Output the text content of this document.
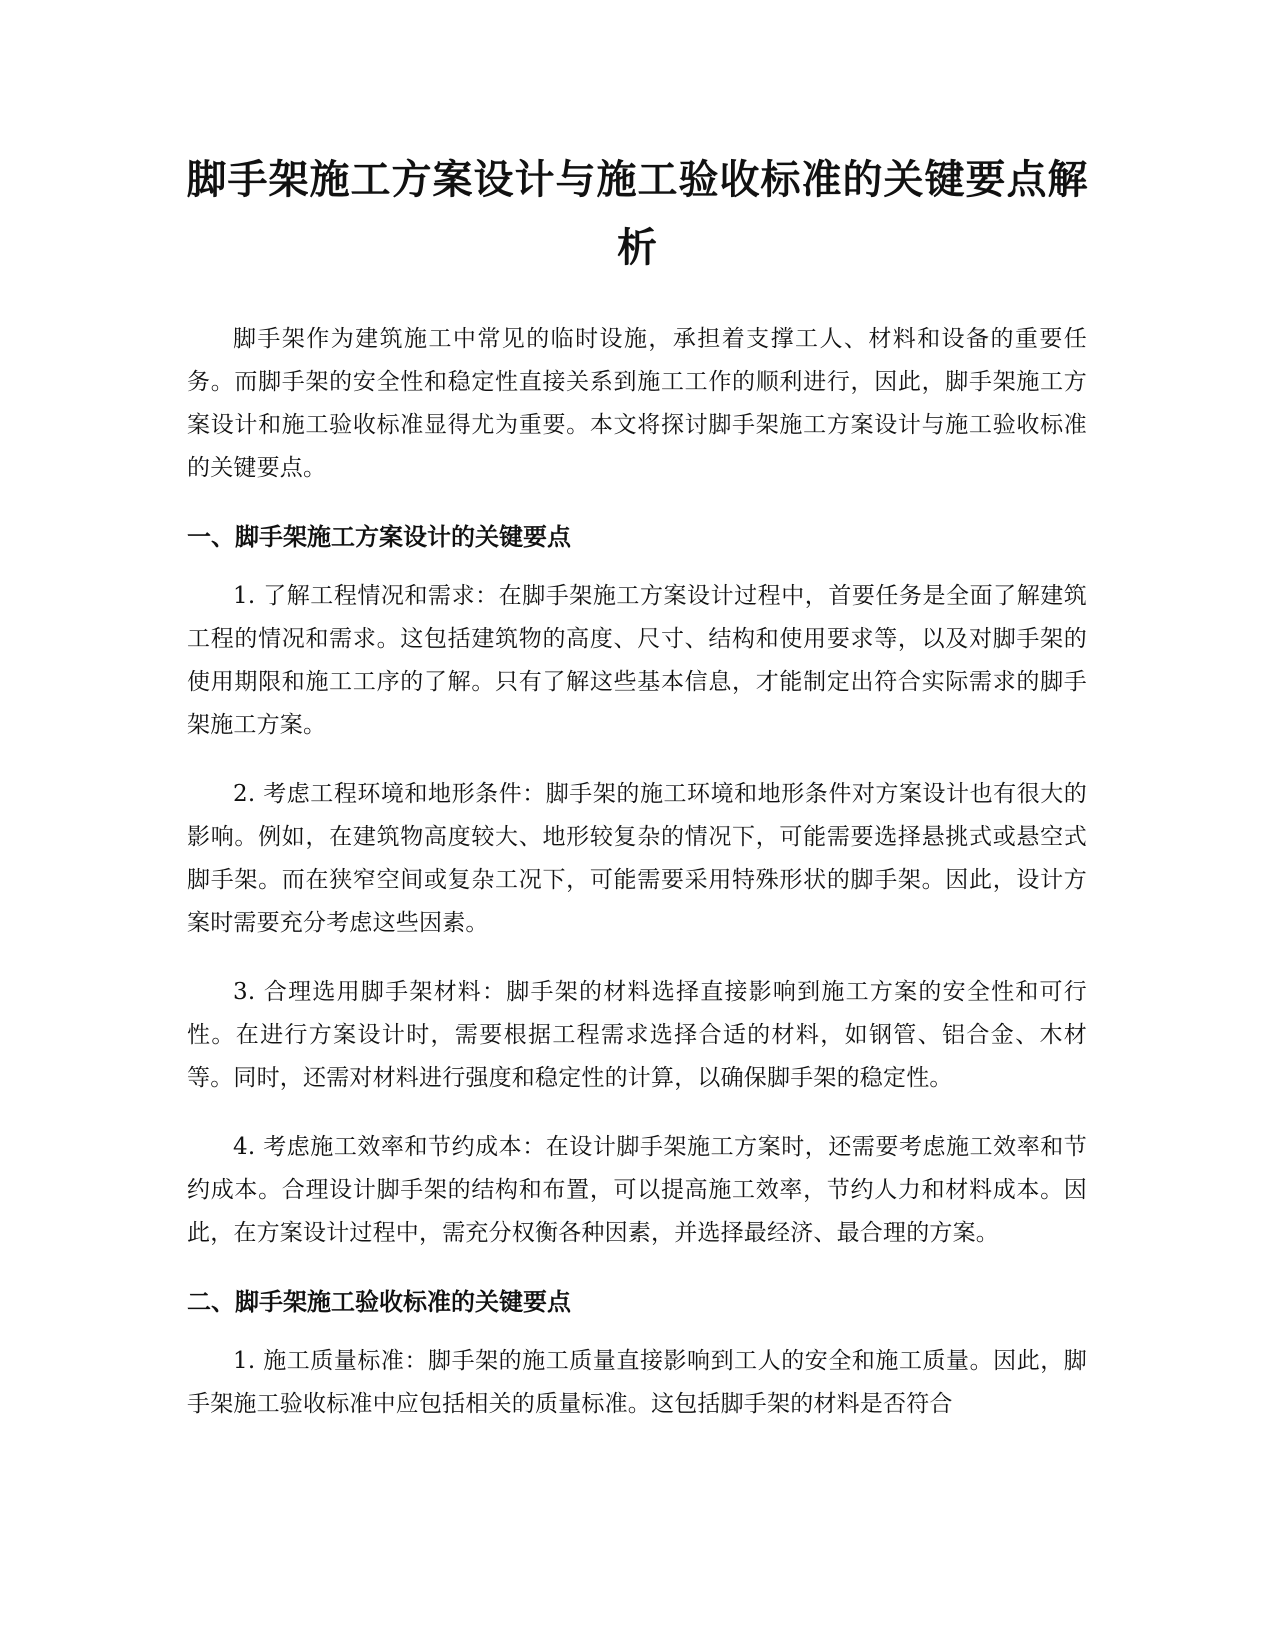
脚手架施工方案设计与施工验收标准的关键要点解析

脚手架作为建筑施工中常见的临时设施，承担着支撑工人、材料和设备的重要任务。而脚手架的安全性和稳定性直接关系到施工工作的顺利进行，因此，脚手架施工方案设计和施工验收标准显得尤为重要。本文将探讨脚手架施工方案设计与施工验收标准的关键要点。

一、脚手架施工方案设计的关键要点

1. 了解工程情况和需求：在脚手架施工方案设计过程中，首要任务是全面了解建筑工程的情况和需求。这包括建筑物的高度、尺寸、结构和使用要求等，以及对脚手架的使用期限和施工工序的了解。只有了解这些基本信息，才能制定出符合实际需求的脚手架施工方案。

2. 考虑工程环境和地形条件：脚手架的施工环境和地形条件对方案设计也有很大的影响。例如，在建筑物高度较大、地形较复杂的情况下，可能需要选择悬挑式或悬空式脚手架。而在狭窄空间或复杂工况下，可能需要采用特殊形状的脚手架。因此，设计方案时需要充分考虑这些因素。

3. 合理选用脚手架材料：脚手架的材料选择直接影响到施工方案的安全性和可行性。在进行方案设计时，需要根据工程需求选择合适的材料，如钢管、铝合金、木材等。同时，还需对材料进行强度和稳定性的计算，以确保脚手架的稳定性。

4. 考虑施工效率和节约成本：在设计脚手架施工方案时，还需要考虑施工效率和节约成本。合理设计脚手架的结构和布置，可以提高施工效率，节约人力和材料成本。因此，在方案设计过程中，需充分权衡各种因素，并选择最经济、最合理的方案。

二、脚手架施工验收标准的关键要点

1. 施工质量标准：脚手架的施工质量直接影响到工人的安全和施工质量。因此，脚手架施工验收标准中应包括相关的质量标准。这包括脚手架的材料是否符合
